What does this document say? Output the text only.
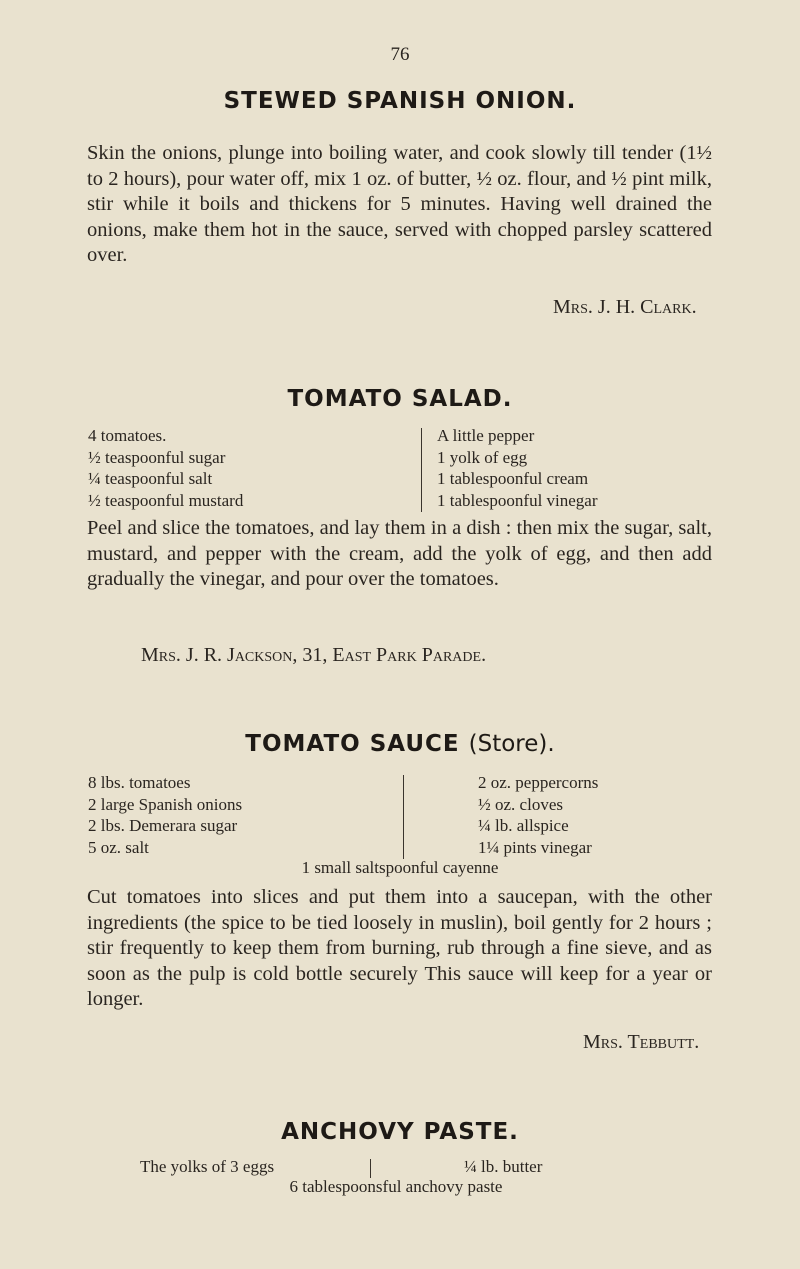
76
STEWED SPANISH ONION.

Skin the onions, plunge into boiling water, and cook slowly till tender (1½ to 2 hours), pour water off, mix 1 oz. of butter, ½ oz. flour, and ½ pint milk, stir while it boils and thickens for 5 minutes. Having well drained the onions, make them hot in the sauce, served with chopped parsley scattered over.

Mrs. J. H. Clark.

TOMATO SALAD.
4 tomatoes.
½ teaspoonful sugar
¼ teaspoonful salt
½ teaspoonful mustard
A little pepper
1 yolk of egg
1 tablespoonful cream
1 tablespoonful vinegar

Peel and slice the tomatoes, and lay them in a dish : then mix the sugar, salt, mustard, and pepper with the cream, add the yolk of egg, and then add gradually the vinegar, and pour over the tomatoes.

Mrs. J. R. Jackson, 31, East Park Parade.

TOMATO SAUCE (Store).
8 lbs. tomatoes
2 large Spanish onions
2 lbs. Demerara sugar
5 oz. salt
2 oz. peppercorns
½ oz. cloves
¼ lb. allspice
1¼ pints vinegar
1 small saltspoonful cayenne

Cut tomatoes into slices and put them into a saucepan, with the other ingredients (the spice to be tied loosely in muslin), boil gently for 2 hours ; stir frequently to keep them from burning, rub through a fine sieve, and as soon as the pulp is cold bottle securely This sauce will keep for a year or longer.

Mrs. Tebbutt.

ANCHOVY PASTE.
The yolks of 3 eggs	¼ lb. butter
6 tablespoonsful anchovy paste
